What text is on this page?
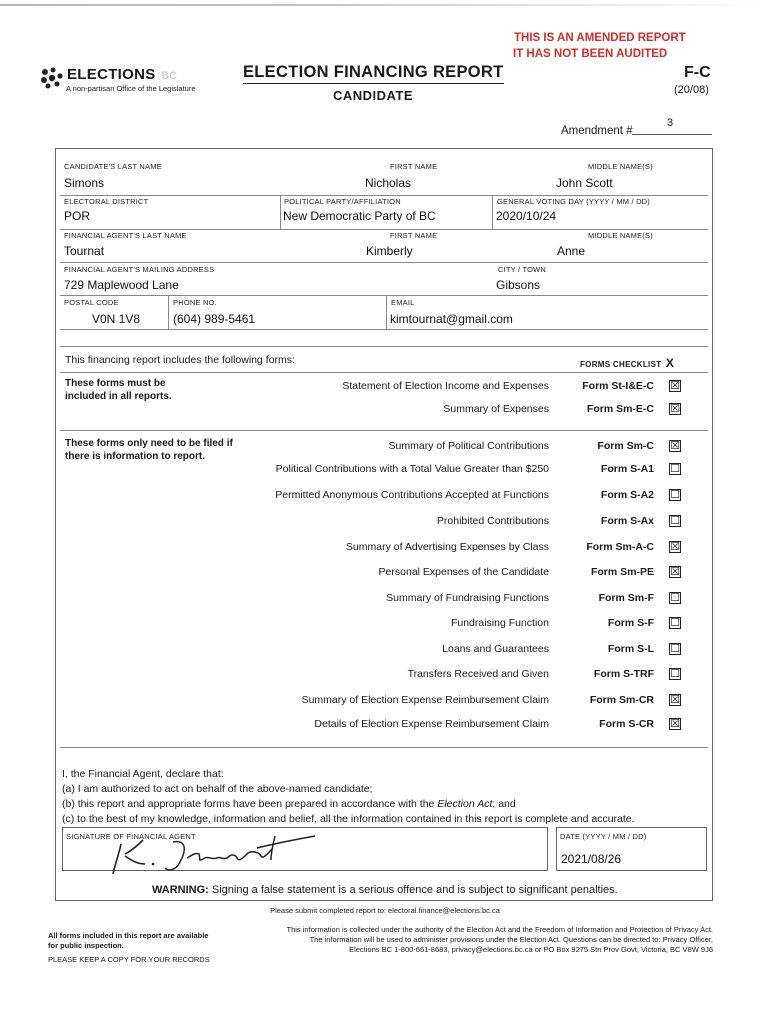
THIS IS AN AMENDED REPORT
IT HAS NOT BEEN AUDITED
ELECTIONS BC
A non-partisan Office of the Legislature
ELECTION FINANCING REPORT
CANDIDATE
F-C
(20/08)
Amendment #
3
CANDIDATE'S LAST NAME
Simons
FIRST NAME
Nicholas
MIDDLE NAME(S)
John Scott
ELECTORAL DISTRICT
POR
POLITICAL PARTY/AFFILIATION
New Democratic Party of BC
GENERAL VOTING DAY (YYYY / MM / DD)
2020/10/24
FINANCIAL AGENT'S LAST NAME
Tournat
FIRST NAME
Kimberly
MIDDLE NAME(S)
Anne
FINANCIAL AGENT'S MAILING ADDRESS
729 Maplewood Lane
CITY / TOWN
Gibsons
POSTAL CODE
V0N 1V8
PHONE NO.
(604) 989-5461
EMAIL
kimtournat@gmail.com
This financing report includes the following forms:	FORMS CHECKLIST X
These forms must be included in all reports.
These forms only need to be filed if there is information to report.
Statement of Election Income and Expenses	Form St-I&E-C ☒
Summary of Expenses	Form Sm-E-C ☒
Summary of Political Contributions	Form Sm-C ☒
Political Contributions with a Total Value Greater than $250	Form S-A1 ☐
Permitted Anonymous Contributions Accepted at Functions	Form S-A2 ☐
Prohibited Contributions	Form S-Ax ☐
Summary of Advertising Expenses by Class	Form Sm-A-C ☒
Personal Expenses of the Candidate	Form Sm-PE ☒
Summary of Fundraising Functions	Form Sm-F ☐
Fundraising Function	Form S-F ☐
Loans and Guarantees	Form S-L ☐
Transfers Received and Given	Form S-TRF ☐
Summary of Election Expense Reimbursement Claim	Form Sm-CR ☒
Details of Election Expense Reimbursement Claim	Form S-CR ☒
I, the Financial Agent, declare that:
(a) I am authorized to act on behalf of the above-named candidate;
(b) this report and appropriate forms have been prepared in accordance with the Election Act; and
(c) to the best of my knowledge, information and belief, all the information contained in this report is complete and accurate.
SIGNATURE OF FINANCIAL AGENT	DATE (YYYY / MM / DD)
2021/08/26
WARNING: Signing a false statement is a serious offence and is subject to significant penalties.
Please submit completed report to: electoral.finance@elections.bc.ca
All forms included in this report are available
for public inspection.
PLEASE KEEP A COPY FOR YOUR RECORDS
This information is collected under the authority of the Election Act and the Freedom of Information and Protection of Privacy Act.
The information will be used to administer provisions under the Election Act. Questions can be directed to: Privacy Officer,
Elections BC 1-800-661-8683, privacy@elections.bc.ca or PO Box 9275 Stn Prov Govt, Victoria, BC V8W 9J6
